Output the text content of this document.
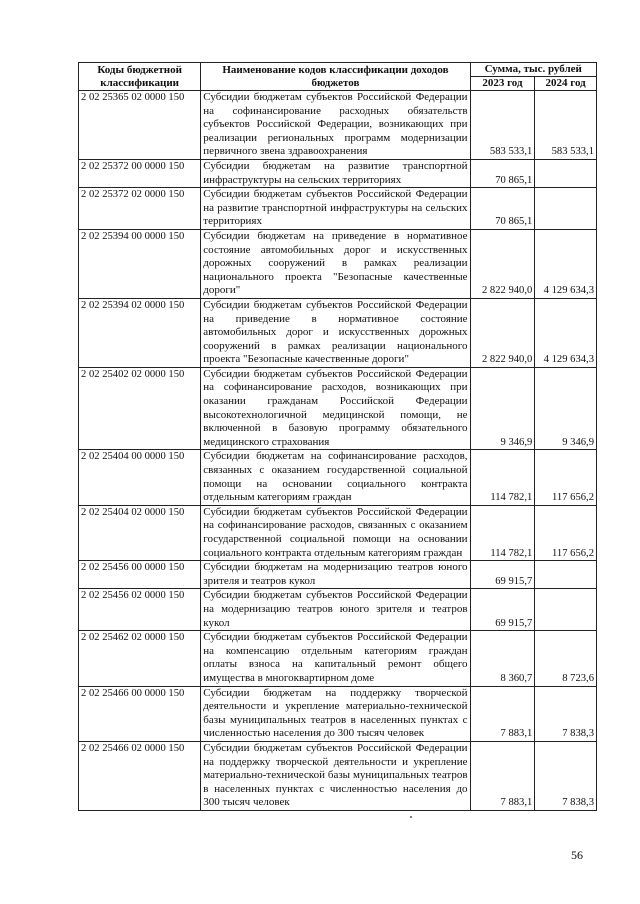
Коды бюджетной классификации	Наименование кодов классификации доходов бюджетов	Сумма, тыс. рублей	
		2023 год	2024 год
2 02 25365 02 0000 150	Субсидии бюджетам субъектов Российской Федерации на софинансирование расходных обязательств субъектов Российской Федерации, возникающих при реализации региональных программ модернизации первичного звена здравоохранения	583 533,1	583 533,1
2 02 25372 00 0000 150	Субсидии бюджетам на развитие транспортной инфраструктуры на сельских территориях	70 865,1	
2 02 25372 02 0000 150	Субсидии бюджетам субъектов Российской Федерации на развитие транспортной инфраструктуры на сельских территориях	70 865,1	
2 02 25394 00 0000 150	Субсидии бюджетам на приведение в нормативное состояние автомобильных дорог и искусственных дорожных сооружений в рамках реализации национального проекта "Безопасные качественные дороги"	2 822 940,0	4 129 634,3
2 02 25394 02 0000 150	Субсидии бюджетам субъектов Российской Федерации на приведение в нормативное состояние автомобильных дорог и искусственных дорожных сооружений в рамках реализации национального проекта "Безопасные качественные дороги"	2 822 940,0	4 129 634,3
2 02 25402 02 0000 150	Субсидии бюджетам субъектов Российской Федерации на софинансирование расходов, возникающих при оказании гражданам Российской Федерации высокотехнологичной медицинской помощи, не включенной в базовую программу обязательного медицинского страхования	9 346,9	9 346,9
2 02 25404 00 0000 150	Субсидии бюджетам на софинансирование расходов, связанных с оказанием государственной социальной помощи на основании социального контракта отдельным категориям граждан	114 782,1	117 656,2
2 02 25404 02 0000 150	Субсидии бюджетам субъектов Российской Федерации на софинансирование расходов, связанных с оказанием государственной социальной помощи на основании социального контракта отдельным категориям граждан	114 782,1	117 656,2
2 02 25456 00 0000 150	Субсидии бюджетам на модернизацию театров юного зрителя и театров кукол	69 915,7	
2 02 25456 02 0000 150	Субсидии бюджетам субъектов Российской Федерации на модернизацию театров юного зрителя и театров кукол	69 915,7	
2 02 25462 02 0000 150	Субсидии бюджетам субъектов Российской Федерации на компенсацию отдельным категориям граждан оплаты взноса на капитальный ремонт общего имущества в многоквартирном доме	8 360,7	8 723,6
2 02 25466 00 0000 150	Субсидии бюджетам на поддержку творческой деятельности и укрепление материально-технической базы муниципальных театров в населенных пунктах с численностью населения до 300 тысяч человек	7 883,1	7 838,3
2 02 25466 02 0000 150	Субсидии бюджетам субъектов Российской Федерации на поддержку творческой деятельности и укрепление материально-технической базы муниципальных театров в населенных пунктах с численностью населения до 300 тысяч человек	7 883,1	7 838,3
56
